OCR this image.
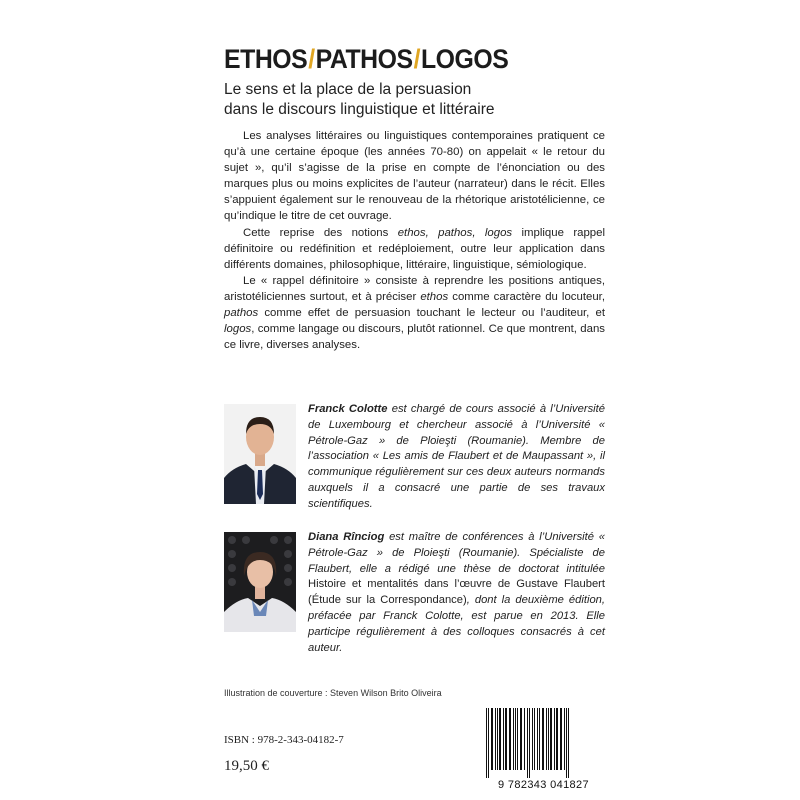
ETHOS/PATHOS/LOGOS
Le sens et la place de la persuasion
dans le discours linguistique et littéraire

Les analyses littéraires ou linguistiques contemporaines pratiquent ce qu’à une certaine époque (les années 70-80) on appelait « le retour du sujet », qu’il s’agisse de la prise en compte de l’énonciation ou des marques plus ou moins explicites de l’auteur (narrateur) dans le récit. Elles s’appuient également sur le renouveau de la rhétorique aristotélicienne, ce qu’indique le titre de cet ouvrage.

Cette reprise des notions ethos, pathos, logos implique rappel définitoire ou redéfinition et redéploiement, outre leur application dans différents domaines, philosophique, littéraire, linguistique, sémiologique.

Le « rappel définitoire » consiste à reprendre les positions antiques, aristotéliciennes surtout, et à préciser ethos comme caractère du locuteur, pathos comme effet de persuasion touchant le lecteur ou l’auditeur, et logos, comme langage ou discours, plutôt rationnel. Ce que montrent, dans ce livre, diverses analyses.

Franck Colotte est chargé de cours associé à l’Université de Luxembourg et chercheur associé à l’Université « Pétrole-Gaz » de Ploieşti (Roumanie). Membre de l’association « Les amis de Flaubert et de Maupassant », il communique régulièrement sur ces deux auteurs normands auxquels il a consacré une partie de ses travaux scientifiques.
Diana Rînciog est maître de conférences à l’Université « Pétrole-Gaz » de Ploieşti (Roumanie). Spécialiste de Flaubert, elle a rédigé une thèse de doctorat intitulée Histoire et mentalités dans l’œuvre de Gustave Flaubert (Étude sur la Correspondance), dont la deuxième édition, préfacée par Franck Colotte, est parue en 2013. Elle participe régulièrement à des colloques consacrés à cet auteur.
Illustration de couverture : Steven Wilson Brito Oliveira
ISBN : 978-2-343-04182-7
19,50 €
9 782343 041827
